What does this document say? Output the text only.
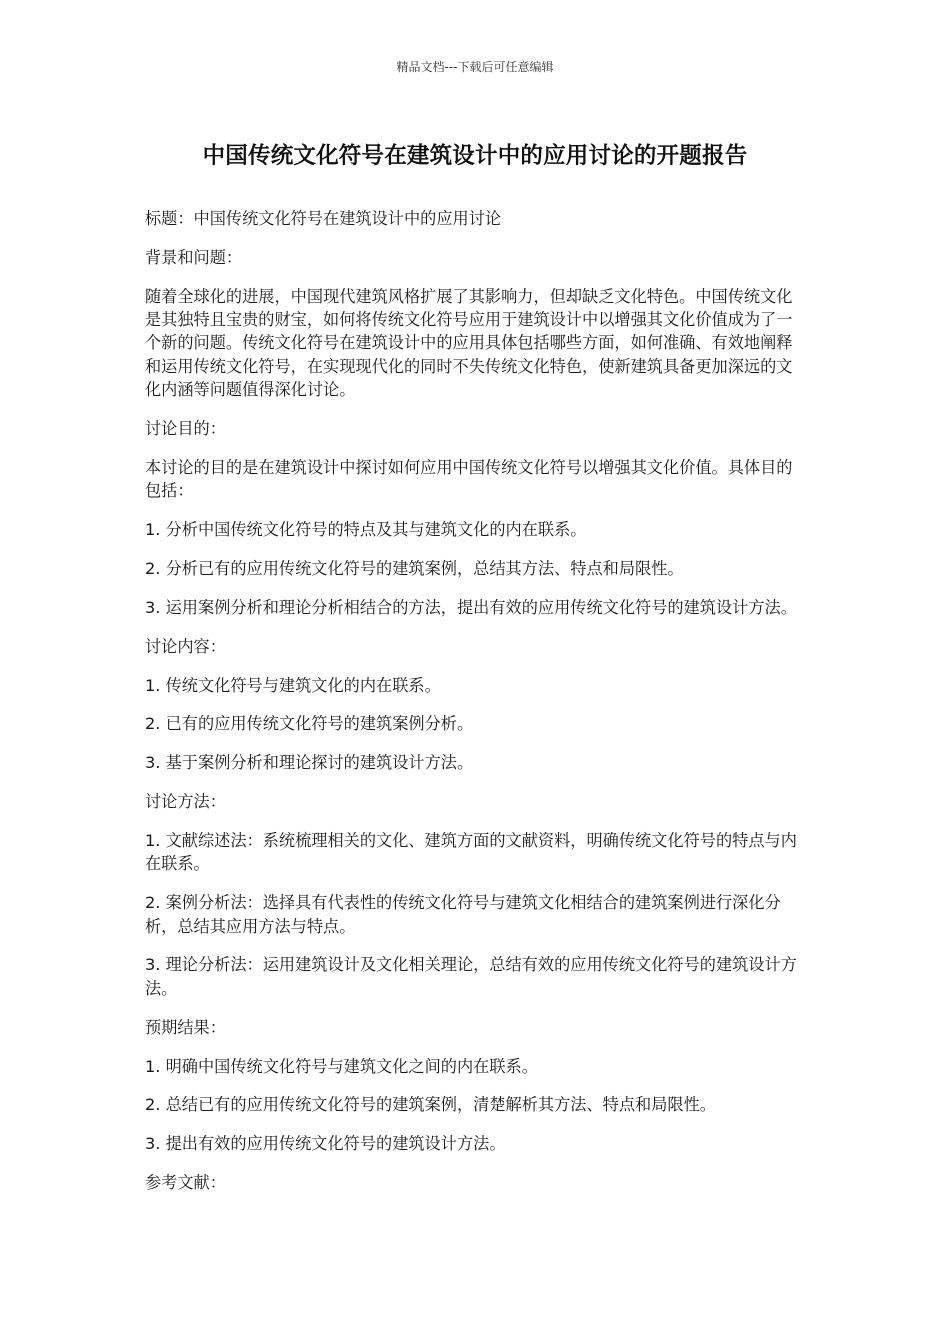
精品文档---下载后可任意编辑
中国传统文化符号在建筑设计中的应用讨论的开题报告

标题：中国传统文化符号在建筑设计中的应用讨论

背景和问题：

随着全球化的进展，中国现代建筑风格扩展了其影响力，但却缺乏文化特色。中国传统文化是其独特且宝贵的财宝，如何将传统文化符号应用于建筑设计中以增强其文化价值成为了一个新的问题。传统文化符号在建筑设计中的应用具体包括哪些方面，如何准确、有效地阐释和运用传统文化符号，在实现现代化的同时不失传统文化特色，使新建筑具备更加深远的文化内涵等问题值得深化讨论。

讨论目的：

本讨论的目的是在建筑设计中探讨如何应用中国传统文化符号以增强其文化价值。具体目的包括：

1. 分析中国传统文化符号的特点及其与建筑文化的内在联系。

2. 分析已有的应用传统文化符号的建筑案例，总结其方法、特点和局限性。

3. 运用案例分析和理论分析相结合的方法，提出有效的应用传统文化符号的建筑设计方法。

讨论内容：

1. 传统文化符号与建筑文化的内在联系。

2. 已有的应用传统文化符号的建筑案例分析。

3. 基于案例分析和理论探讨的建筑设计方法。

讨论方法：

1. 文献综述法：系统梳理相关的文化、建筑方面的文献资料，明确传统文化符号的特点与内在联系。

2. 案例分析法：选择具有代表性的传统文化符号与建筑文化相结合的建筑案例进行深化分析，总结其应用方法与特点。

3. 理论分析法：运用建筑设计及文化相关理论，总结有效的应用传统文化符号的建筑设计方法。

预期结果：

1. 明确中国传统文化符号与建筑文化之间的内在联系。

2. 总结已有的应用传统文化符号的建筑案例，清楚解析其方法、特点和局限性。

3. 提出有效的应用传统文化符号的建筑设计方法。

参考文献：
